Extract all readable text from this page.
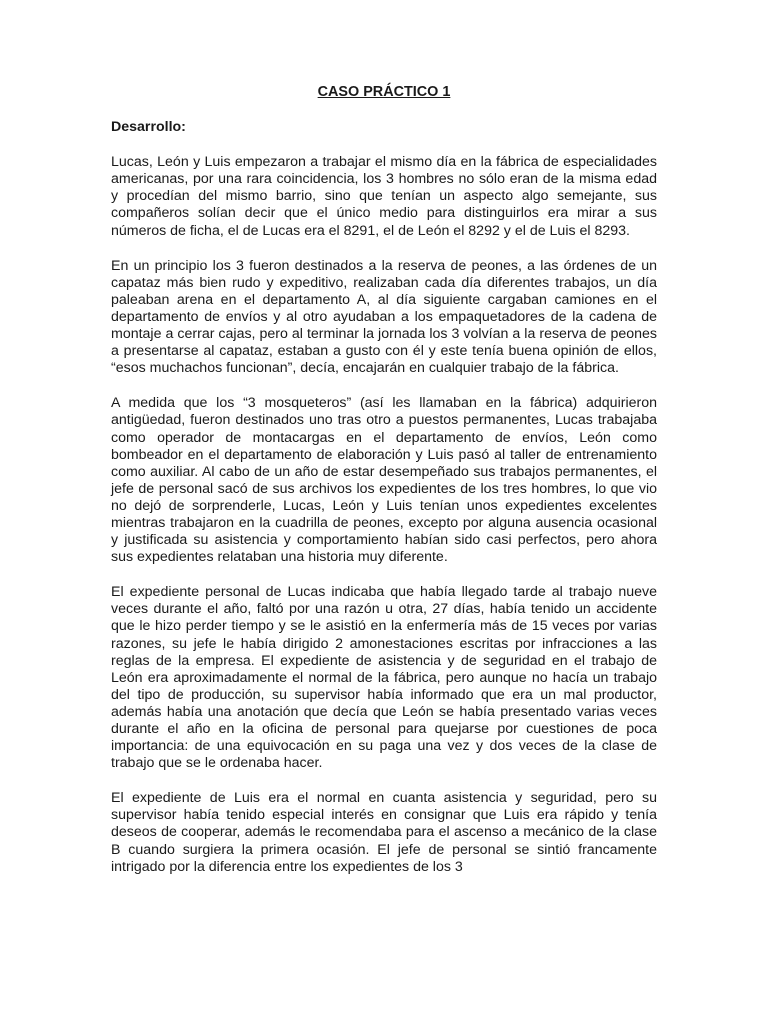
CASO PRÁCTICO 1

Desarrollo:

Lucas, León y Luis empezaron a trabajar el mismo día en la fábrica de especialidades americanas, por una rara coincidencia, los 3 hombres no sólo eran de la misma edad y procedían del mismo barrio, sino que tenían un aspecto algo semejante, sus compañeros solían decir que el único medio para distinguirlos era mirar a sus números de ficha, el de Lucas era el 8291, el de León el 8292 y el de Luis el 8293.

En un principio los 3 fueron destinados a la reserva de peones, a las órdenes de un capataz más bien rudo y expeditivo, realizaban cada día diferentes trabajos, un día paleaban arena en el departamento A, al día siguiente cargaban camiones en el departamento de envíos y al otro ayudaban a los empaquetadores de la cadena de montaje a cerrar cajas, pero al terminar la jornada los 3 volvían a la reserva de peones a presentarse al capataz, estaban a gusto con él y este tenía buena opinión de ellos, “esos muchachos funcionan”, decía, encajarán en cualquier trabajo de la fábrica.

A medida que los “3 mosqueteros” (así les llamaban en la fábrica) adquirieron antigüedad, fueron destinados uno tras otro a puestos permanentes, Lucas trabajaba como operador de montacargas en el departamento de envíos, León como bombeador en el departamento de elaboración y Luis pasó al taller de entrenamiento como auxiliar. Al cabo de un año de estar desempeñado sus trabajos permanentes, el jefe de personal sacó de sus archivos los expedientes de los tres hombres, lo que vio no dejó de sorprenderle, Lucas, León y Luis tenían unos expedientes excelentes mientras trabajaron en la cuadrilla de peones, excepto por alguna ausencia ocasional y justificada su asistencia y comportamiento habían sido casi perfectos, pero ahora sus expedientes relataban una historia muy diferente.

El expediente personal de Lucas indicaba que había llegado tarde al trabajo nueve veces durante el año, faltó por una razón u otra, 27 días, había tenido un accidente que le hizo perder tiempo y se le asistió en la enfermería más de 15 veces por varias razones, su jefe le había dirigido 2 amonestaciones escritas por infracciones a las reglas de la empresa. El expediente de asistencia y de seguridad en el trabajo de León era aproximadamente el normal de la fábrica, pero aunque no hacía un trabajo del tipo de producción, su supervisor había informado que era un mal productor, además había una anotación que decía que León se había presentado varias veces durante el año en la oficina de personal para quejarse por cuestiones de poca importancia: de una equivocación en su paga una vez y dos veces de la clase de trabajo que se le ordenaba hacer.

El expediente de Luis era el normal en cuanta asistencia y seguridad, pero su supervisor había tenido especial interés en consignar que Luis era rápido y tenía deseos de cooperar, además le recomendaba para el ascenso a mecánico de la clase B cuando surgiera la primera ocasión. El jefe de personal se sintió francamente intrigado por la diferencia entre los expedientes de los 3
